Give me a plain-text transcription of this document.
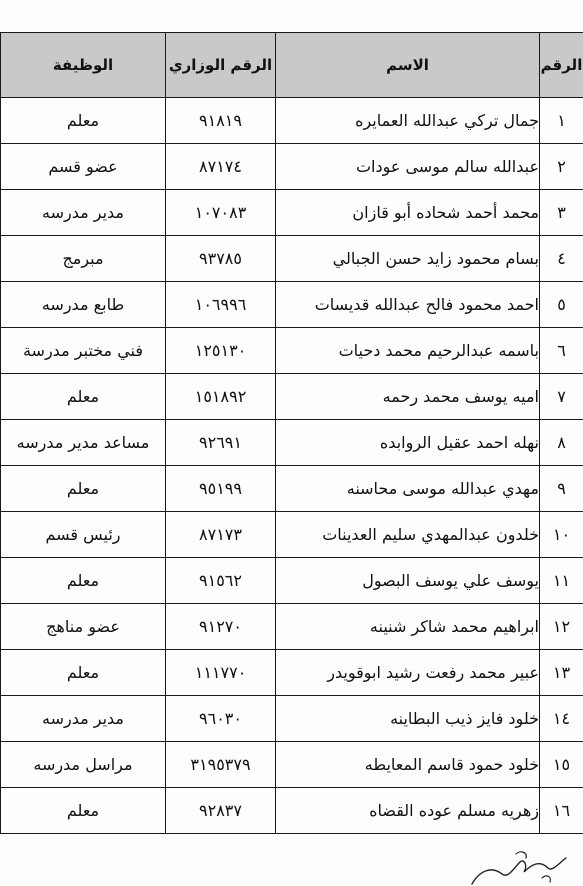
الرقم	الاسم	الرقم الوزاري	الوظيفة
١	جمال تركي عبدالله العمايره	٩١٨١٩	معلم
٢	عبدالله سالم موسى عودات	٨٧١٧٤	عضو قسم
٣	محمد أحمد شحاده أبو قازان	١٠٧٠٨٣	مدير مدرسه
٤	بسام محمود زايد حسن الجبالي	٩٣٧٨٥	مبرمج
٥	احمد محمود فالح عبدالله قديسات	١٠٦٩٩٦	طابع مدرسه
٦	باسمه عبدالرحيم محمد دحيات	١٢٥١٣٠	فني مختبر مدرسة
٧	اميه يوسف محمد رحمه	١٥١٨٩٢	معلم
٨	نهله احمد عقيل الروابده	٩٢٦٩١	مساعد مدير مدرسه
٩	مهدي عبدالله موسى محاسنه	٩٥١٩٩	معلم
١٠	خلدون عبدالمهدي سليم العدينات	٨٧١٧٣	رئيس قسم
١١	يوسف علي يوسف البصول	٩١٥٦٢	معلم
١٢	ابراهيم محمد شاكر شنينه	٩١٢٧٠	عضو مناهج
١٣	عبير محمد رفعت رشيد ابوقويدر	١١١٧٧٠	معلم
١٤	خلود فايز ذيب البطاينه	٩٦٠٣٠	مدير مدرسه
١٥	خلود حمود قاسم المعايطه	٣١٩٥٣٧٩	مراسل مدرسه
١٦	زهريه مسلم عوده القضاه	٩٢٨٣٧	معلم
